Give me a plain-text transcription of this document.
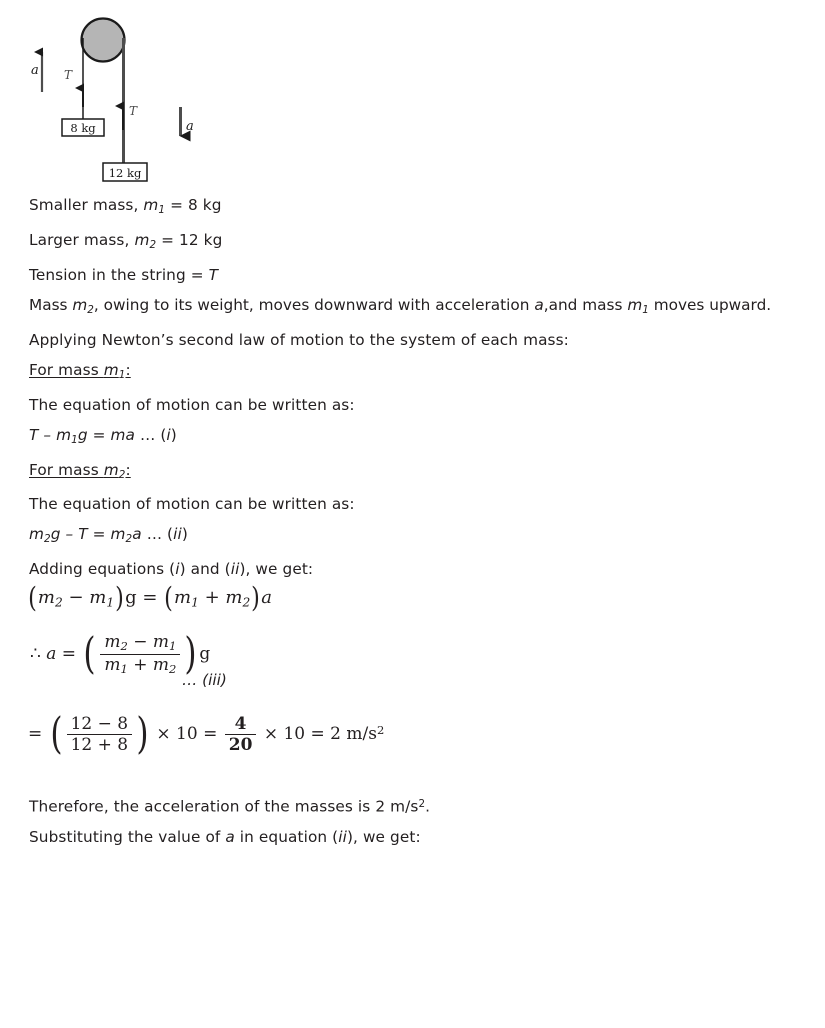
8 kg
12 kg
a T
T
a
Smaller mass, $m_1 = 8$ kg
Larger mass, $m_2 = 12$ kg
Tension in the string = T
Mass $m_2$, owing to its weight, moves downward with acceleration a,and mass $m_1$ moves upward.
Applying Newton’s second law of motion to the system of each mass:
For mass $m_1$:
The equation of motion can be written as:
T – $m_1g$ = ma … (i)
For mass $m_2$:
The equation of motion can be written as:
$m_2g - T = m_2a$ … (ii)
Adding equations (i) and (ii), we get:
Therefore, the acceleration of the masses is 2 $m/s^2$.
Substituting the value of a in equation (ii), we get:
$(m_2 - m_1)g = (m_1 + m_2)a$
∴ a = ( $\frac{m_2 - m_1}{m_1 + m_2}$ ) g
… (iii)
= ( $\frac{12 - 8}{12 + 8}$ ) × $10 = \frac{4}{20} \times 10 = 2$ $m/s^2$
